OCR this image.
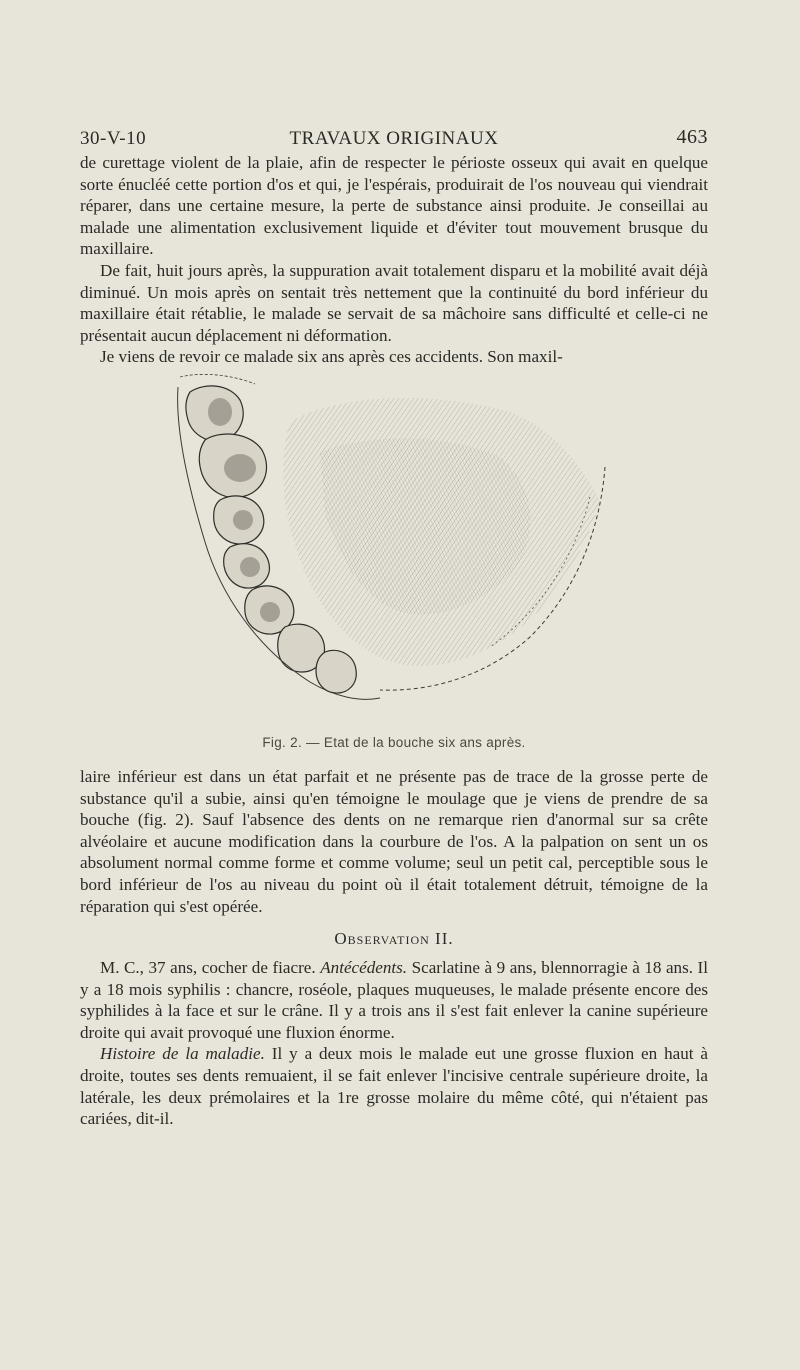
30-V-10	TRAVAUX ORIGINAUX	463

de curettage violent de la plaie, afin de respecter le périoste osseux qui avait en quelque sorte énucléé cette portion d'os et qui, je l'espérais, produirait de l'os nouveau qui viendrait réparer, dans une certaine mesure, la perte de substance ainsi produite. Je conseillai au malade une alimentation exclusivement liquide et d'éviter tout mouvement brusque du maxillaire.

De fait, huit jours après, la suppuration avait totalement disparu et la mobilité avait déjà diminué. Un mois après on sentait très nettement que la continuité du bord inférieur du maxillaire était rétablie, le malade se servait de sa mâchoire sans difficulté et celle-ci ne présentait aucun déplacement ni déformation.

Je viens de revoir ce malade six ans après ces accidents. Son maxil-

Fig. 2. — Etat de la bouche six ans après.

laire inférieur est dans un état parfait et ne présente pas de trace de la grosse perte de substance qu'il a subie, ainsi qu'en témoigne le moulage que je viens de prendre de sa bouche (fig. 2). Sauf l'absence des dents on ne remarque rien d'anormal sur sa crête alvéolaire et aucune modification dans la courbure de l'os. A la palpation on sent un os absolument normal comme forme et comme volume; seul un petit cal, perceptible sous le bord inférieur de l'os au niveau du point où il était totalement détruit, témoigne de la réparation qui s'est opérée.

Observation II.

M. C., 37 ans, cocher de fiacre. Antécédents. Scarlatine à 9 ans, blennorragie à 18 ans. Il y a 18 mois syphilis : chancre, roséole, plaques muqueuses, le malade présente encore des syphilides à la face et sur le crâne. Il y a trois ans il s'est fait enlever la canine supérieure droite qui avait provoqué une fluxion énorme.

Histoire de la maladie. Il y a deux mois le malade eut une grosse fluxion en haut à droite, toutes ses dents remuaient, il se fait enlever l'incisive centrale supérieure droite, la latérale, les deux prémolaires et la 1re grosse molaire du même côté, qui n'étaient pas cariées, dit-il.
